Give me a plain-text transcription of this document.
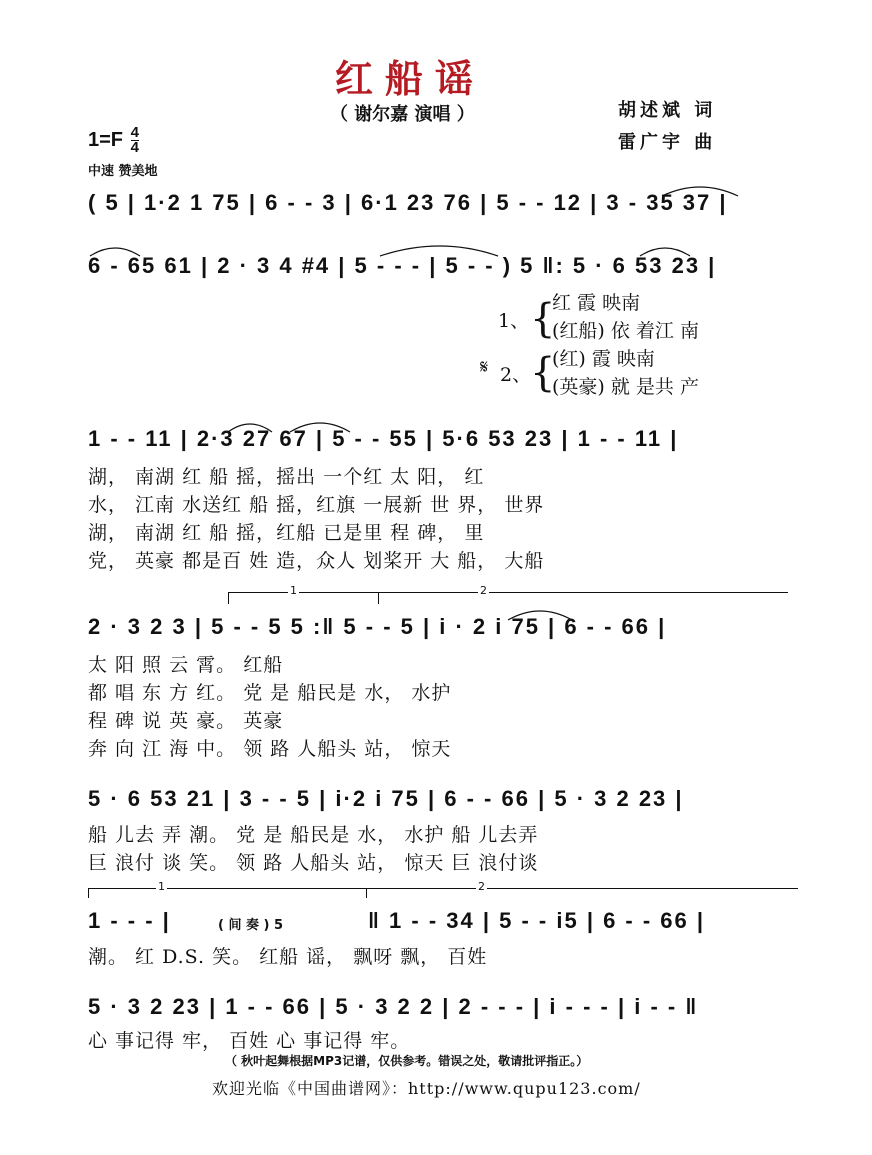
红船谣
（ 谢尔嘉 演唱 ）	胡述斌 词
雷广宇 曲
$1=F \frac{4}{4}$
中速 赞美地
( 5 | 1·2 1 75 | 6 - - 3 | 6·1 23 76 | 5 - - 12 | 3 - 35 37 |
6 - 65 61 | 2 · 3 4 #4 | 5 - - - | 5 - - ) 5 ‖: 5 · 6 53 23 |
1、
𝄋 2、
{
{
红 霞 映南
(红船) 依 着江 南
(红) 霞 映南
(英豪) 就 是共 产
1 - - 11 | 2·3 27 67 | 5 - - 55 | 5·6 53 23 | 1 - - 11 |
湖， 南湖 红 船 摇，摇出 一个红 太 阳， 红
水， 江南 水送红 船 摇，红旗 一展新 世 界， 世界
湖， 南湖 红 船 摇，红船 已是里 程 碑， 里
党， 英豪 都是百 姓 造，众人 划桨开 大 船， 大船
1	2
2 · 3 2 3 | 5 - - 5 5 :‖ 5 - - 5 | i · 2 i 75 | 6 - - 66 |
太 阳 照 云 霄。 红船
都 唱 东 方 红。 党 是 船民是 水， 水护
程 碑 说 英 豪。 英豪
奔 向 江 海 中。 领 路 人船头 站， 惊天
5 · 6 53 21 | 3 - - 5 | i·2 i 75 | 6 - - 66 | 5 · 3 2 23 |
船 儿去 弄 潮。 党 是 船民是 水， 水护 船 儿去弄
巨 浪付 谈 笑。 领 路 人船头 站， 惊天 巨 浪付谈
1	2
1 - - - |	( 间 奏 ) 5	‖ 1 - - 34 | 5 - - i5 | 6 - - 66 |
潮。 红 D.S. 笑。 红船 谣， 飘呀 飘， 百姓
5 · 3 2 23 | 1 - - 66 | 5 · 3 2 2 | 2 - - - | i - - - | i - - ‖
心 事记得 牢， 百姓 心 事记得 牢。
（ 秋叶起舞根据MP3记谱，仅供参考。错误之处，敬请批评指正。）
欢迎光临《中国曲谱网》：http://www.qupu123.com/
